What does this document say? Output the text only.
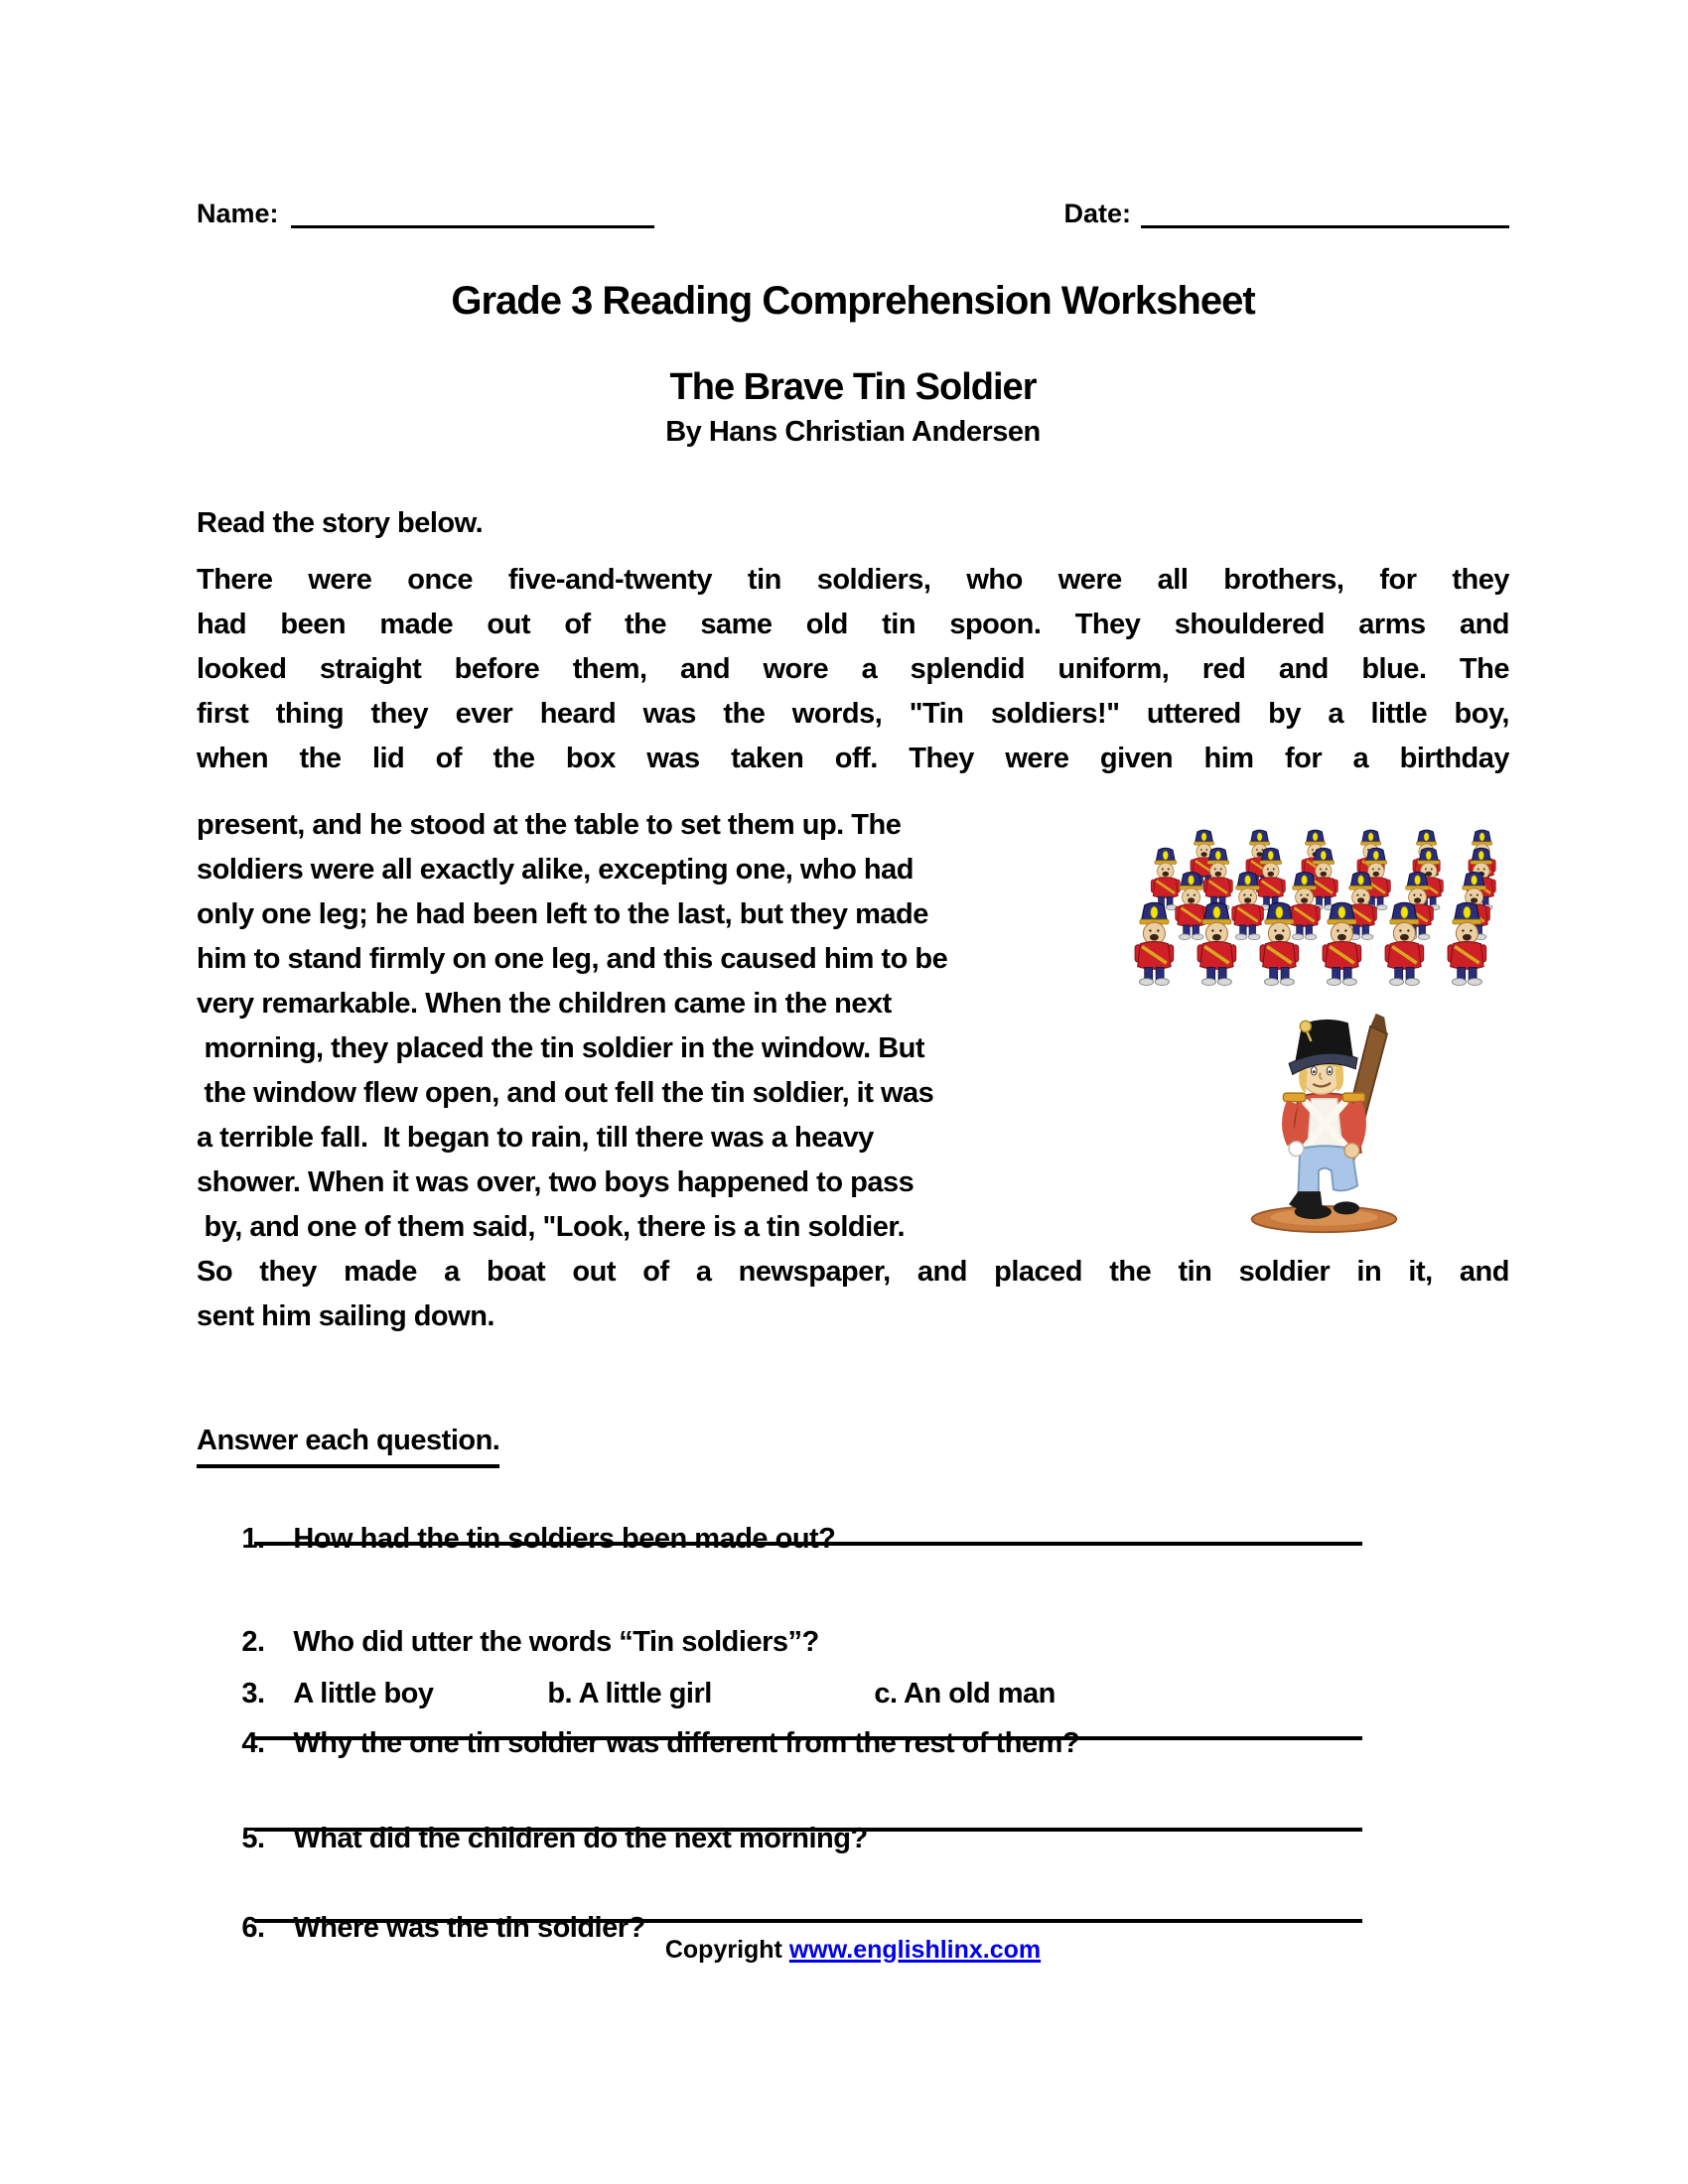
Name:	Date:
Grade 3 Reading Comprehension Worksheet
The Brave Tin Soldier
By Hans Christian Andersen
Read the story below.
There were once five-and-twenty tin soldiers, who were all brothers, for they
had been made out of the same old tin spoon. They shouldered arms and
looked straight before them, and wore a splendid uniform, red and blue. The
first thing they ever heard was the words, "Tin soldiers!" uttered by a little boy,
when the lid of the box was taken off. They were given him for a birthday
present, and he stood at the table to set them up. The
soldiers were all exactly alike, excepting one, who had
only one leg; he had been left to the last, but they made
him to stand firmly on one leg, and this caused him to be
very remarkable. When the children came in the next
morning, they placed the tin soldier in the window. But
the window flew open, and out fell the tin soldier, it was
a terrible fall.  It began to rain, till there was a heavy
shower. When it was over, two boys happened to pass
by, and one of them said, "Look, there is a tin soldier.
So they made a boat out of a newspaper, and placed the tin soldier in it, and
sent him sailing down.
Answer each question.

1. How had the tin soldiers been made out?

2. Who did utter the words “Tin soldiers”?

3. A little boy	b. A little girl	c. An old man

4. Why the one tin soldier was different from the rest of them?

5. What did the children do the next morning?

6. Where was the tin soldier?

Copyright www.englishlinx.com
